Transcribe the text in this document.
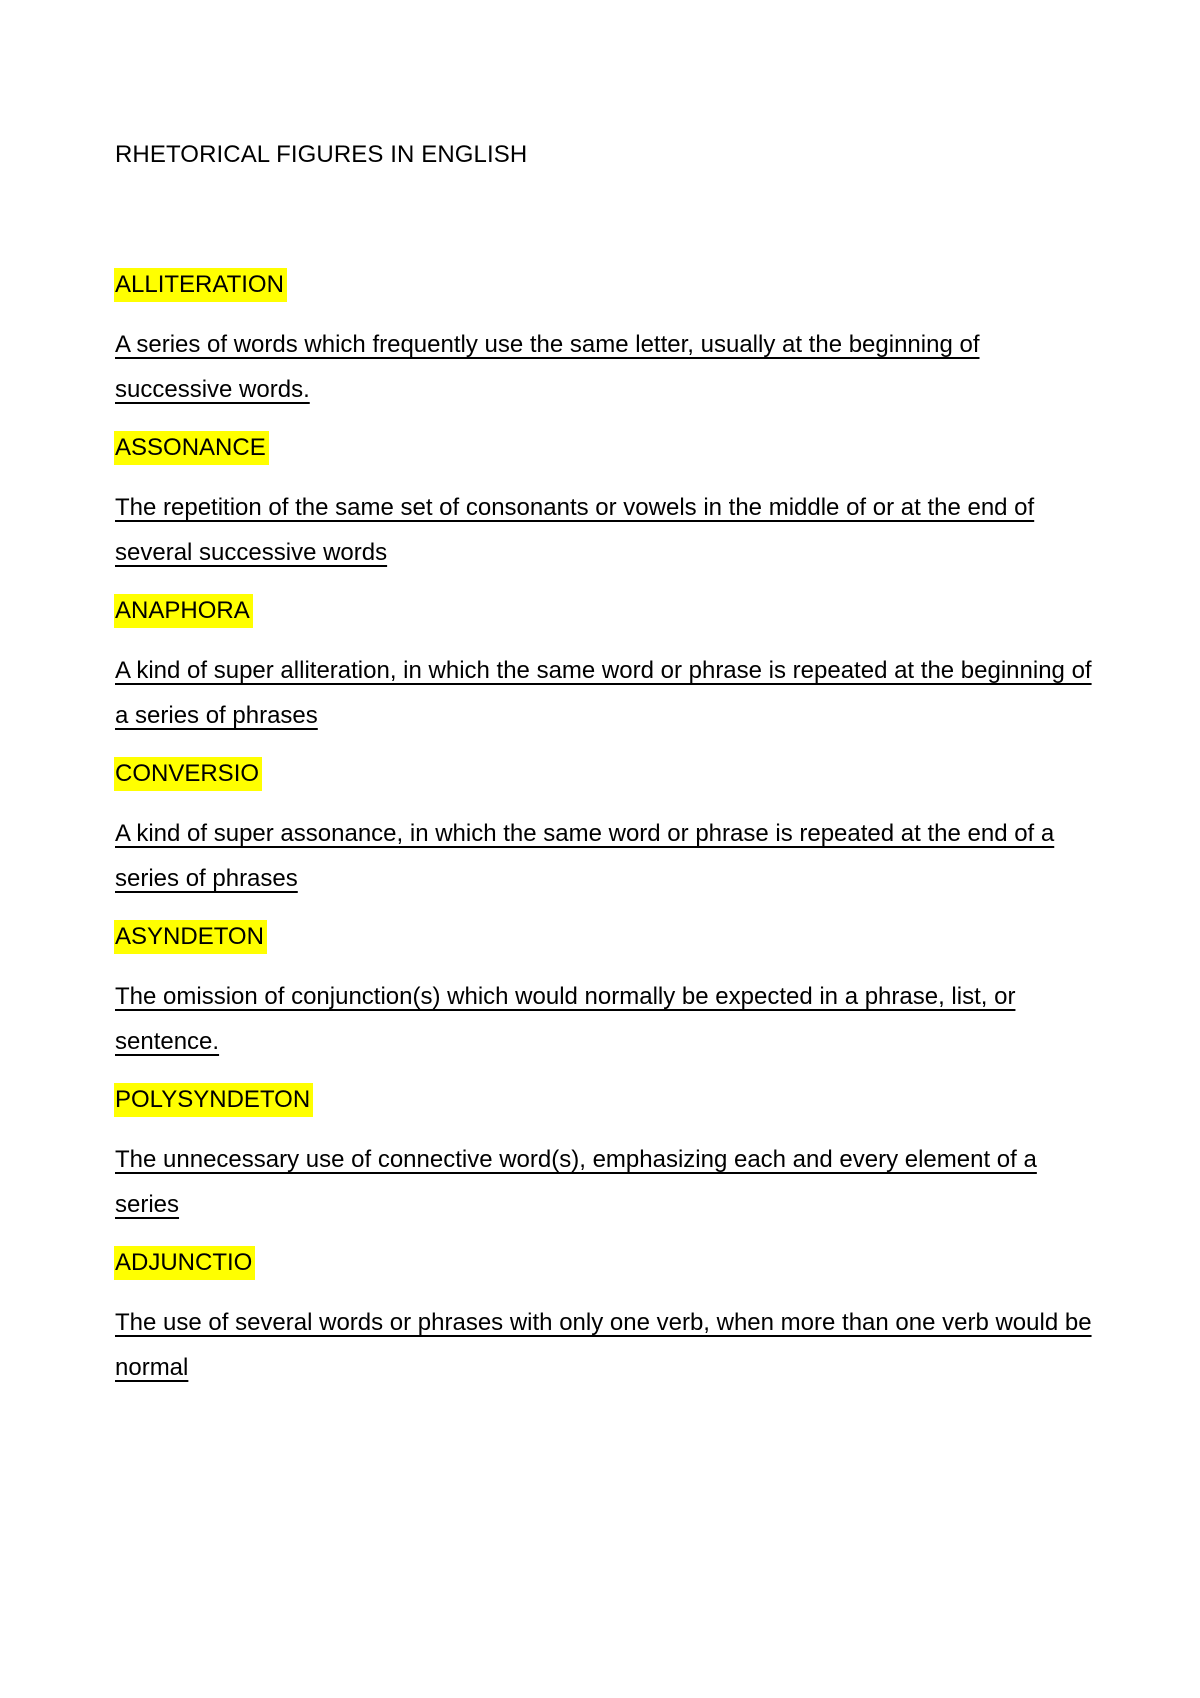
RHETORICAL FIGURES IN ENGLISH
ALLITERATION
A series of words which frequently use the same letter, usually at the beginning of successive words.
ASSONANCE
The repetition of the same set of consonants or vowels in the middle of or at the end of several successive words
ANAPHORA
A kind of super alliteration, in which the same word or phrase is repeated at the beginning of a series of phrases
CONVERSIO
A kind of super assonance, in which the same word or phrase is repeated at the end of a series of phrases
ASYNDETON
The omission of conjunction(s) which would normally be expected in a phrase, list, or sentence.
POLYSYNDETON
The unnecessary use of connective word(s), emphasizing each and every element of a series
ADJUNCTIO
The use of several words or phrases with only one verb, when more than one verb would be normal
